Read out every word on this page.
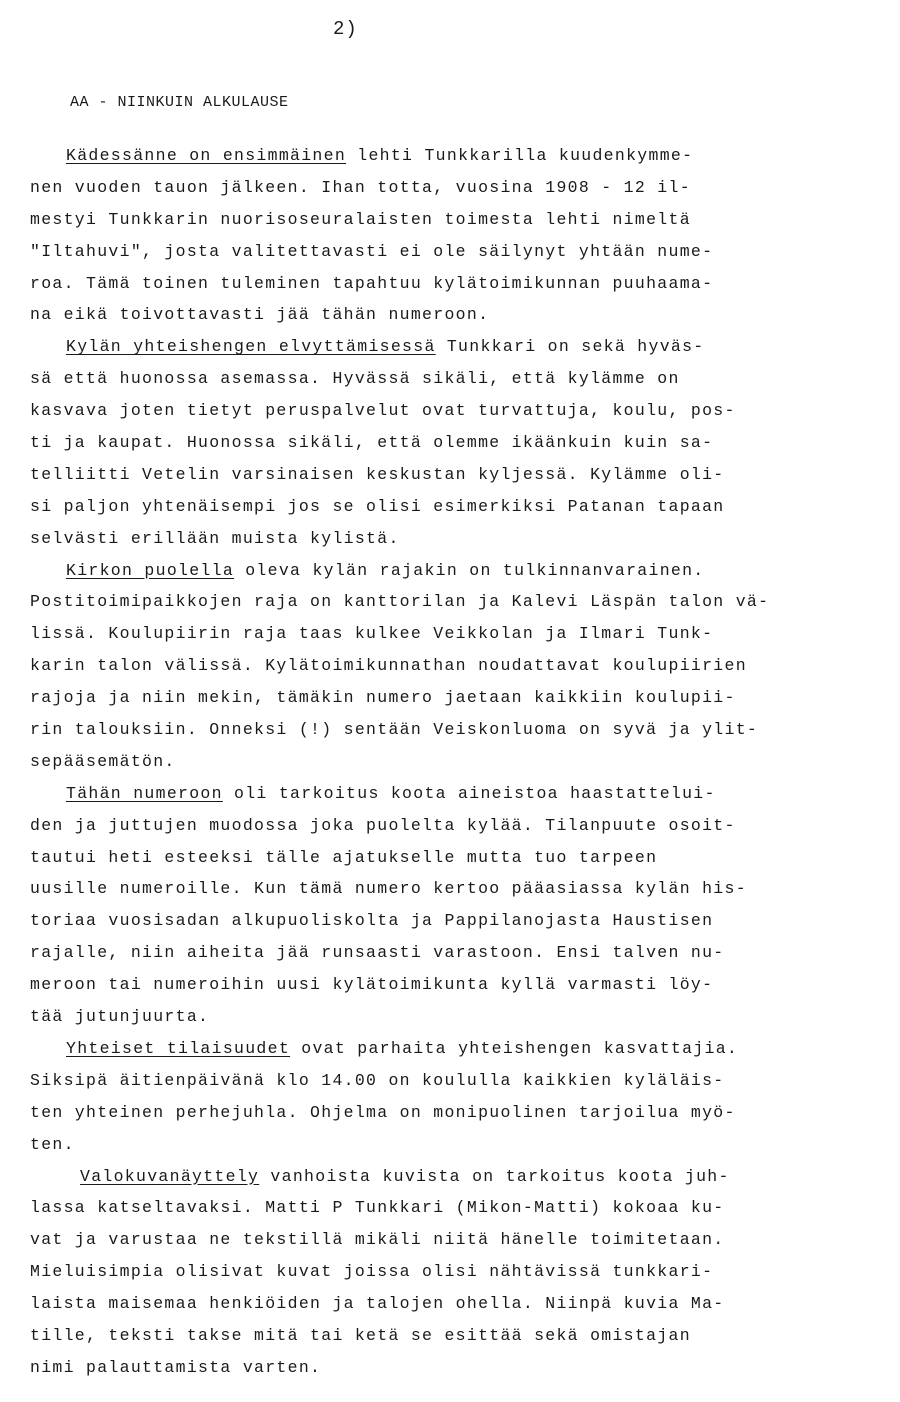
2)
AA - NIINKUIN ALKULAUSE
Kädessänne on ensimmäinen lehti Tunkkarilla kuudenkymme-
nen vuoden tauon jälkeen. Ihan totta, vuosina 1908 - 12 il-
mestyi Tunkkarin nuorisoseuralaisten toimesta lehti nimeltä
"Iltahuvi", josta valitettavasti ei ole säilynyt yhtään nume-
roa. Tämä toinen tuleminen tapahtuu kylätoimikunnan puuhaama-
na eikä toivottavasti jää tähän numeroon.
Kylän yhteishengen elvyttämisessä Tunkkari on sekä hyväs-
sä että huonossa asemassa. Hyvässä sikäli, että kylämme on
kasvava joten tietyt peruspalvelut ovat turvattuja, koulu, pos-
ti ja kaupat. Huonossa sikäli, että olemme ikäänkuin kuin sa-
telliitti Vetelin varsinaisen keskustan kyljessä. Kylämme oli-
si paljon yhtenäisempi jos se olisi esimerkiksi Patanan tapaan
selvästi erillään muista kylistä.
Kirkon puolella oleva kylän rajakin on tulkinnanvarainen.
Postitoimipaikkojen raja on kanttorilan ja Kalevi Läspän talon vä-
lissä. Koulupiirin raja taas kulkee Veikkolan ja Ilmari Tunk-
karin talon välissä. Kylätoimikunnathan noudattavat koulupiirien
rajoja ja niin mekin, tämäkin numero jaetaan kaikkiin koulupii-
rin talouksiin. Onneksi (!) sentään Veiskonluoma on syvä ja ylit-
sepääsemätön.
Tähän numeroon oli tarkoitus koota aineistoa haastattelui-
den ja juttujen muodossa joka puolelta kylää. Tilanpuute osoit-
tautui heti esteeksi tälle ajatukselle mutta tuo tarpeen
uusille numeroille. Kun tämä numero kertoo pääasiassa kylän his-
toriaa vuosisadan alkupuoliskolta ja Pappilanojasta Haustisen
rajalle, niin aiheita jää runsaasti varastoon. Ensi talven nu-
meroon tai numeroihin uusi kylätoimikunta kyllä varmasti löy-
tää jutunjuurta.
Yhteiset tilaisuudet ovat parhaita yhteishengen kasvattajia.
Siksipä äitienpäivänä klo 14.00 on koululla kaikkien kyläläis-
ten yhteinen perhejuhla. Ohjelma on monipuolinen tarjoilua myö-
ten.
Valokuvanäyttely vanhoista kuvista on tarkoitus koota juh-
lassa katseltavaksi. Matti P Tunkkari (Mikon-Matti) kokoaa ku-
vat ja varustaa ne tekstillä mikäli niitä hänelle toimitetaan.
Mieluisimpia olisivat kuvat joissa olisi nähtävissä tunkkari-
laista maisemaa henkiöiden ja talojen ohella. Niinpä kuvia Ma-
tille, teksti takse mitä tai ketä se esittää sekä omistajan
nimi palauttamista varten.
